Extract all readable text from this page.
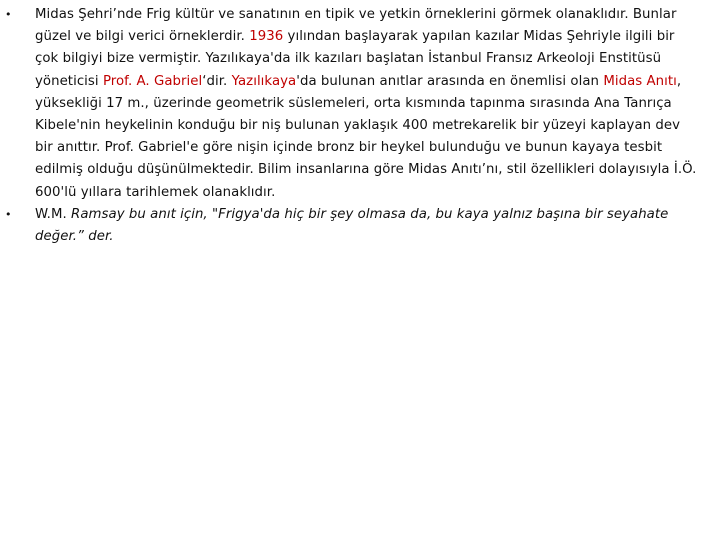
• Midas Şehri’nde Frig kültür ve sanatının en tipik ve yetkin örneklerini görmek olanaklıdır. Bunlar güzel ve bilgi verici örneklerdir. 1936 yılından başlayarak yapılan kazılar Midas Şehriyle ilgili bir çok bilgiyi bize vermiştir. Yazılıkaya'da ilk kazıları başlatan İstanbul Fransız Arkeoloji Enstitüsü yöneticisi Prof. A. Gabriel‘dir. Yazılıkaya'da bulunan anıtlar arasında en önemlisi olan Midas Anıtı, yüksekliği 17 m., üzerinde geometrik süslemeleri, orta kısmında tapınma sırasında Ana Tanrıça Kibele'nin heykelinin konduğu bir niş bulunan yaklaşık 400 metrekarelik bir yüzeyi kaplayan dev bir anıttır. Prof. Gabriel'e göre nişin içinde bronz bir heykel bulunduğu ve bunun kayaya tesbit edilmiş olduğu düşünülmektedir. Bilim insanlarına göre Midas Anıtı’nı, stil özellikleri dolayısıyla İ.Ö. 600'lü yıllara tarihlemek olanaklıdır.
• W.M. Ramsay bu anıt için, "Frigya'da hiç bir şey olmasa da, bu kaya yalnız başına bir seyahate değer.” der.
